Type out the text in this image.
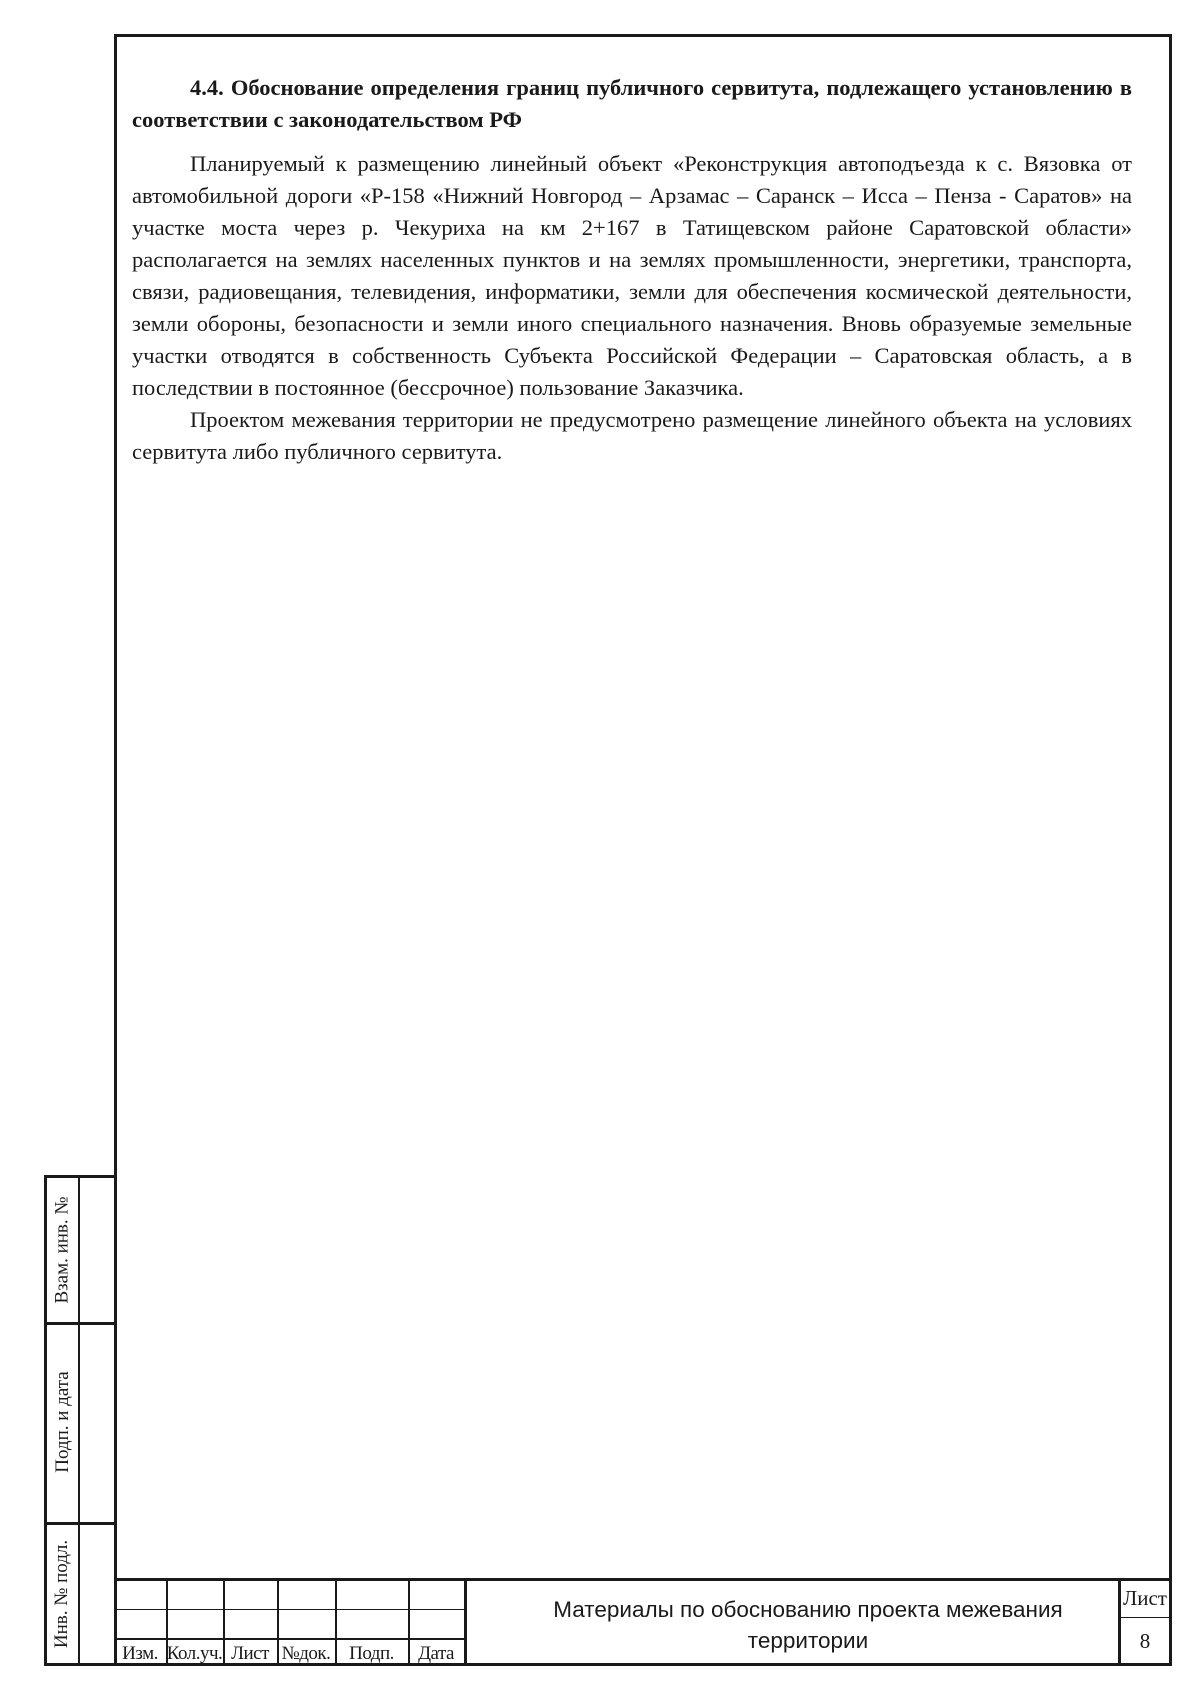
4.4. Обоснование определения границ публичного сервитута, подлежащего установлению в соответствии с законодательством РФ

Планируемый к размещению линейный объект «Реконструкция автоподъезда к с. Вязовка от автомобильной дороги «Р-158 «Нижний Новгород – Арзамас – Саранск – Исса – Пенза - Саратов» на участке моста через р. Чекуриха на км 2+167 в Татищевском районе Саратовской области» располагается на землях населенных пунктов и на землях промышленности, энергетики, транспорта, связи, радиовещания, телевидения, информатики, земли для обеспечения космической деятельности, земли обороны, безопасности и земли иного специального назначения. Вновь образуемые земельные участки отводятся в собственность Субъекта Российской Федерации – Саратовская область, а в последствии в постоянное (бессрочное) пользование Заказчика.

Проектом межевания территории не предусмотрено размещение линейного объекта на условиях сервитута либо публичного сервитута.

Взам. инв. №
Подп. и дата
Инв. № подл.
Изм. Кол.уч. Лист №док. Подп.	Дата
Материалы по обоснованию проекта межевания территории
Лист
8
